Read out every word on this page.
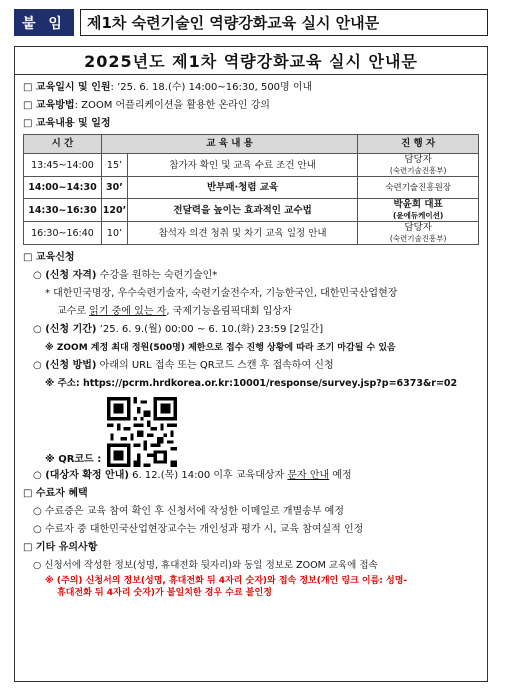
붙 임	제1차 숙련기술인 역량강화교육 실시 안내문
2025년도 제1차 역량강화교육 실시 안내문
□ 교육일시 및 인원: ’25. 6. 18.(수) 14:00~16:30, 500명 이내
□ 교육방법: ZOOM 어플리케이션을 활용한 온라인 강의
□ 교육내용 및 일정
시 간	교 육 내 용		진 행 자
13:45~14:00	15’	참가자 확인 및 교육 수료 조건 안내	담당자
(숙련기술진흥부)

14:00~14:30	30’	반부패·청렴 교육	숙련기술진흥원장
14:30~16:30	120’	전달력을 높이는 효과적인 교수법	박윤희 대표
(윤에듀케이션)

16:30~16:40	10’	참석자 의견 청취 및 차기 교육 일정 안내	담당자
(숙련기술진흥부)
□ 교육신청
○ (신청 자격) 수강을 원하는 숙련기술인*
* 대한민국명장, 우수숙련기술자, 숙련기술전수자, 기능한국인, 대한민국산업현장
교수로 읽기 중에 있는 자, 국제기능올림픽대회 입상자
○ (신청 기간) ’25. 6. 9.(월) 00:00 ~ 6. 10.(화) 23:59 [2일간]
※ ZOOM 계정 최대 정원(500명) 제한으로 접수 진행 상황에 따라 조기 마감될 수 있음
○ (신청 방법) 아래의 URL 접속 또는 QR코드 스캔 후 접속하여 신청
※ 주소: https://pcrm.hrdkorea.or.kr:10001/response/survey.jsp?p=6373&r=02
※ QR코드 :
○ (대상자 확정 안내) 6. 12.(목) 14:00 이후 교육대상자 문자 안내 예정
□ 수료자 혜택
○ 수료증은 교육 참여 확인 후 신청서에 작성한 이메일로 개별송부 예정
○ 수료자 중 대한민국산업현장교수는 개인성과 평가 시, 교육 참여실적 인정
□ 기타 유의사항
○ 신청서에 작성한 정보(성명, 휴대전화 뒷자리)와 동일 정보로 ZOOM 교육에 접속
※ (주의) 신청서의 정보(성명, 휴대전화 뒤 4자리 숫자)와 접속 정보(개인 링크 이름: 성명-
휴대전화 뒤 4자리 숫자)가 불일치한 경우 수료 불인정
